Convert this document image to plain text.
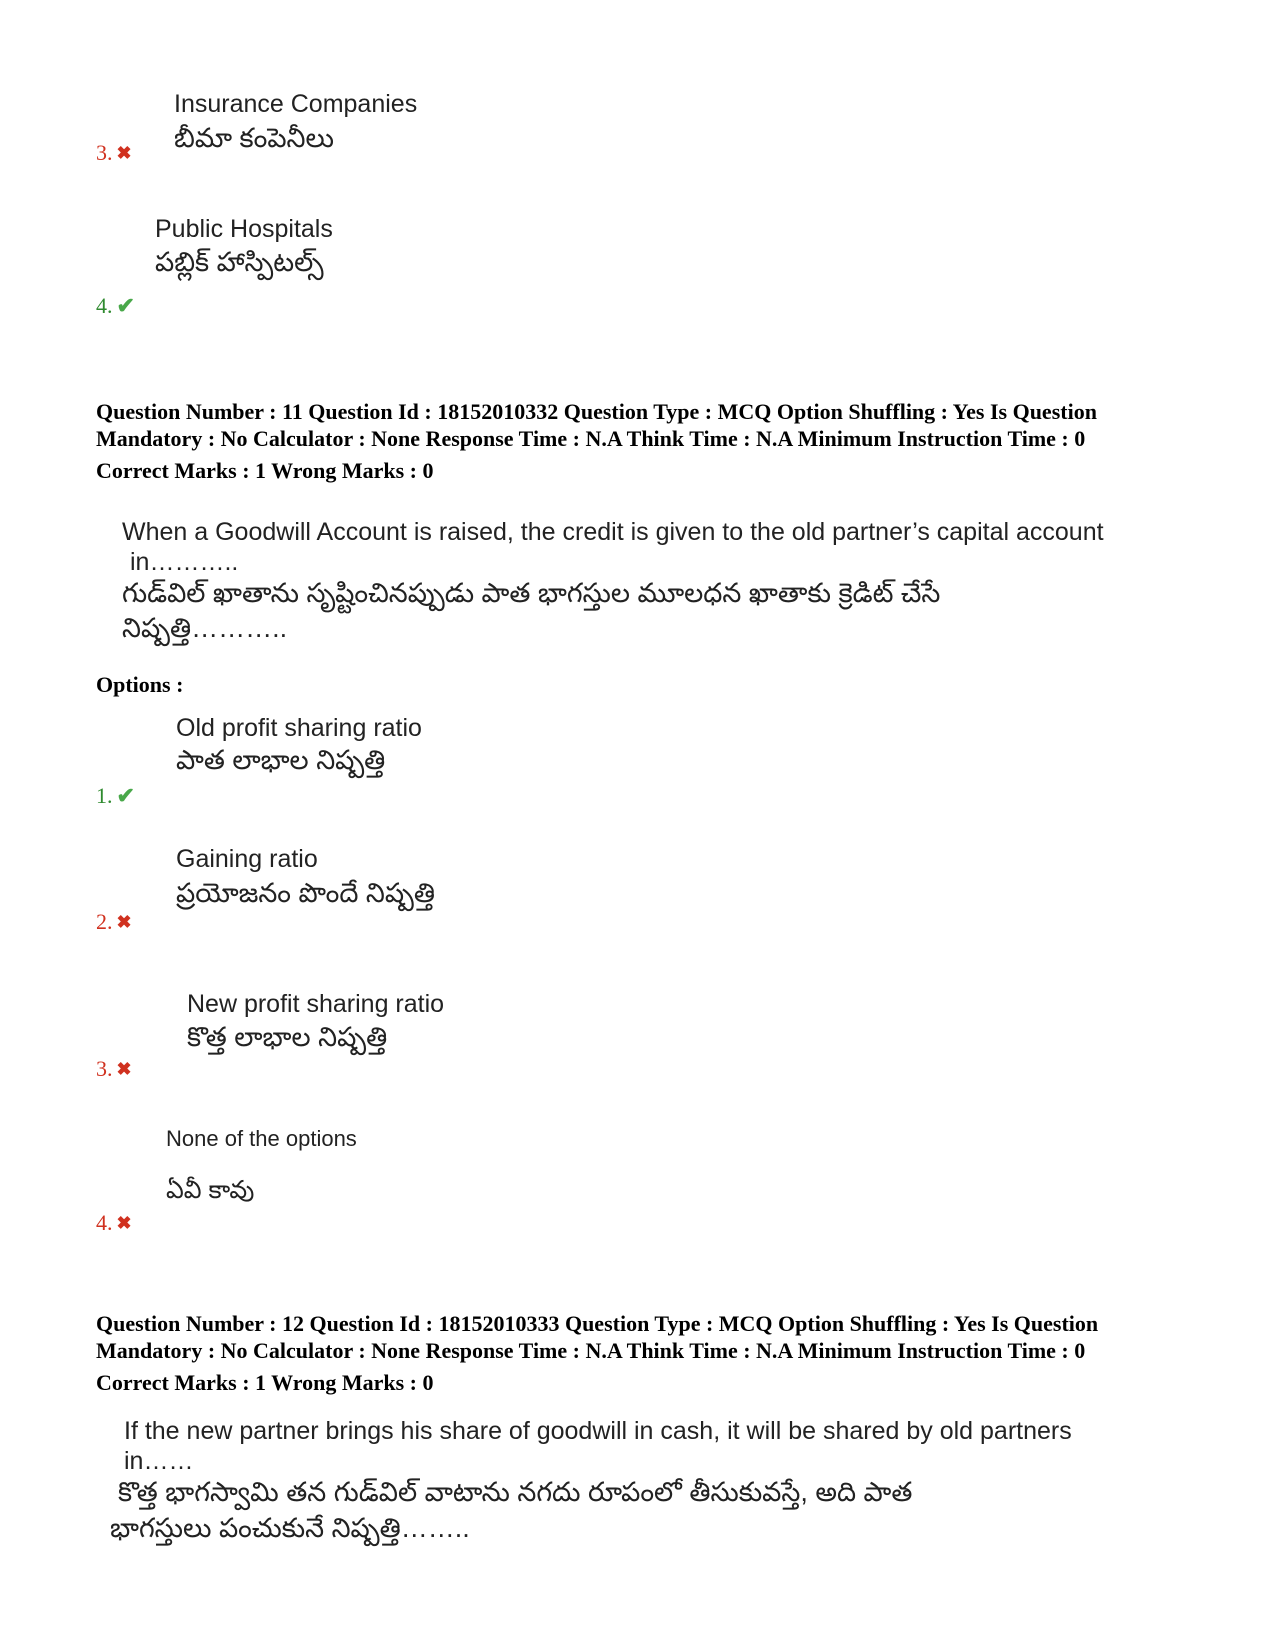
Insurance Companies
బీమా కంపెనీలు
3. ✖
Public Hospitals
పబ్లిక్ హాస్పిటల్స్
4. ✔

Question Number : 11 Question Id : 18152010332 Question Type : MCQ Option Shuffling : Yes Is Question

Mandatory : No Calculator : None Response Time : N.A Think Time : N.A Minimum Instruction Time : 0

Correct Marks : 1 Wrong Marks : 0

When a Goodwill Account is raised, the credit is given to the old partner’s capital account
in………..
గుడ్‌విల్ ఖాతాను సృష్టించినప్పుడు పాత భాగస్తుల మూలధన ఖాతాకు క్రెడిట్ చేసే
నిష్పత్తి………..
Options :
Old profit sharing ratio
పాత లాభాల నిష్పత్తి
1. ✔
Gaining ratio
ప్రయోజనం పొందే నిష్పత్తి
2. ✖
New profit sharing ratio
కొత్త లాభాల నిష్పత్తి
3. ✖
None of the options
ఏవీ కావు
4. ✖

Question Number : 12 Question Id : 18152010333 Question Type : MCQ Option Shuffling : Yes Is Question

Mandatory : No Calculator : None Response Time : N.A Think Time : N.A Minimum Instruction Time : 0

Correct Marks : 1 Wrong Marks : 0

If the new partner brings his share of goodwill in cash, it will be shared by old partners
in……
కొత్త భాగస్వామి తన గుడ్‌విల్ వాటాను నగదు రూపంలో తీసుకువస్తే, అది పాత
భాగస్తులు పంచుకునే నిష్పత్తి……..
